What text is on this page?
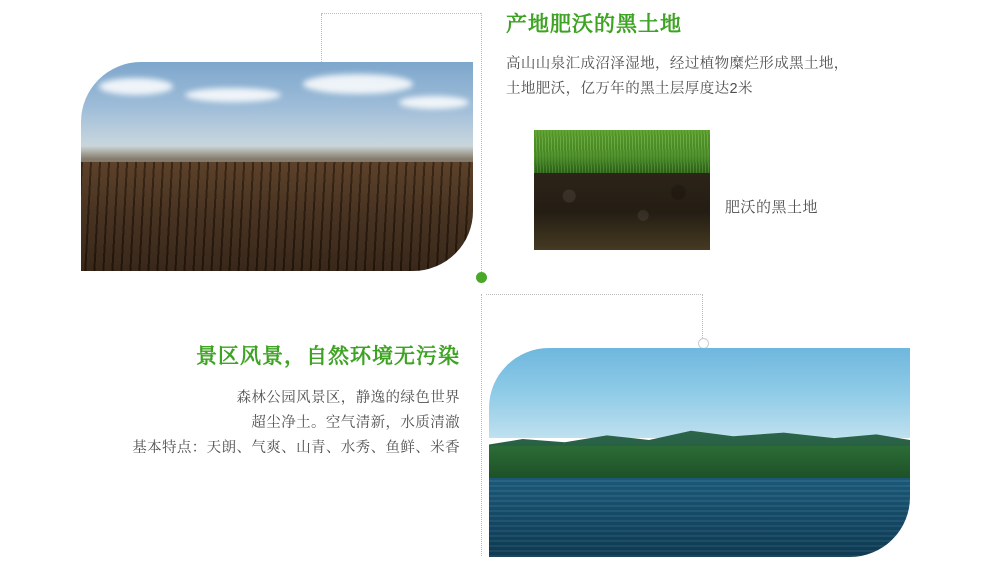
产地肥沃的黑土地
高山山泉汇成沼泽湿地，经过植物糜烂形成黑土地，
土地肥沃，亿万年的黑土层厚度达2米
肥沃的黑土地
景区风景，自然环境无污染
森林公园风景区，静逸的绿色世界
超尘净土。空气清新，水质清澈
基本特点：天朗、气爽、山青、水秀、鱼鲜、米香
